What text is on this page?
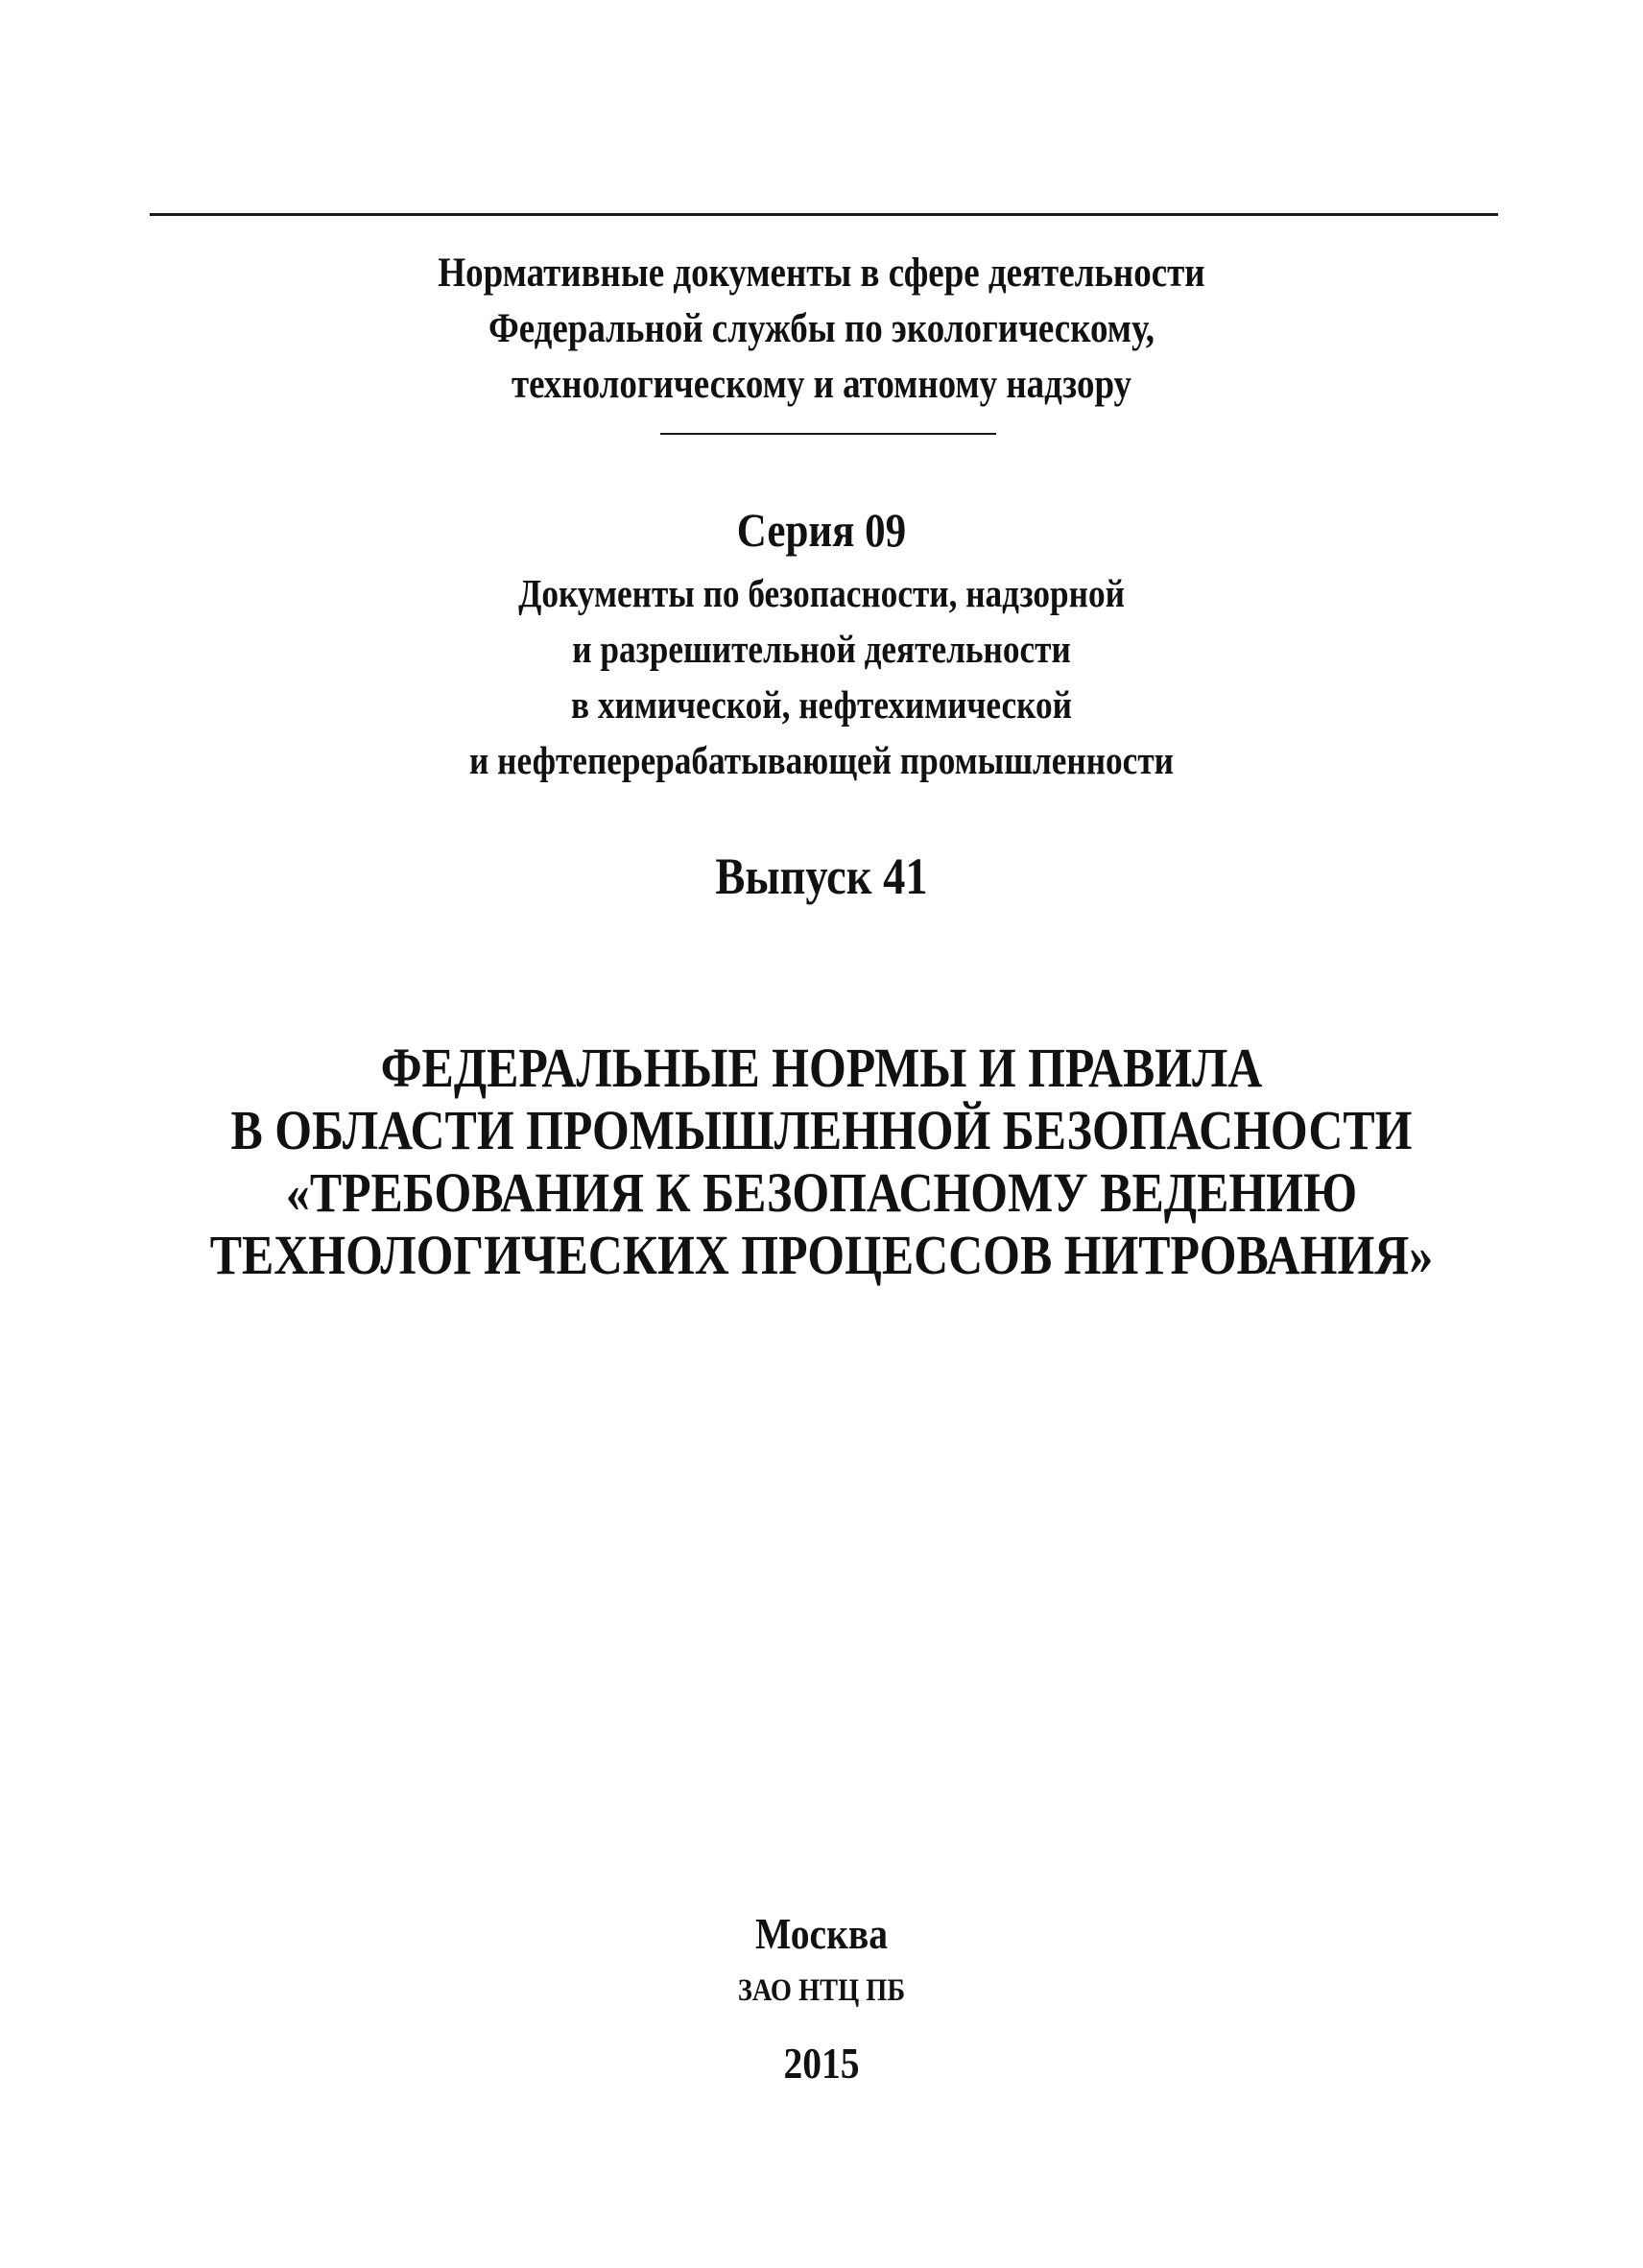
Нормативные документы в сфере деятельности
Федеральной службы по экологическому,
технологическому и атомному надзору
Серия 09
Документы по безопасности, надзорной
и разрешительной деятельности
в химической, нефтехимической
и нефтеперерабатывающей промышленности
Выпуск 41
ФЕДЕРАЛЬНЫЕ НОРМЫ И ПРАВИЛА
В ОБЛАСТИ ПРОМЫШЛЕННОЙ БЕЗОПАСНОСТИ
«ТРЕБОВАНИЯ К БЕЗОПАСНОМУ ВЕДЕНИЮ
ТЕХНОЛОГИЧЕСКИХ ПРОЦЕССОВ НИТРОВАНИЯ»
Москва
ЗАО НТЦ ПБ
2015
